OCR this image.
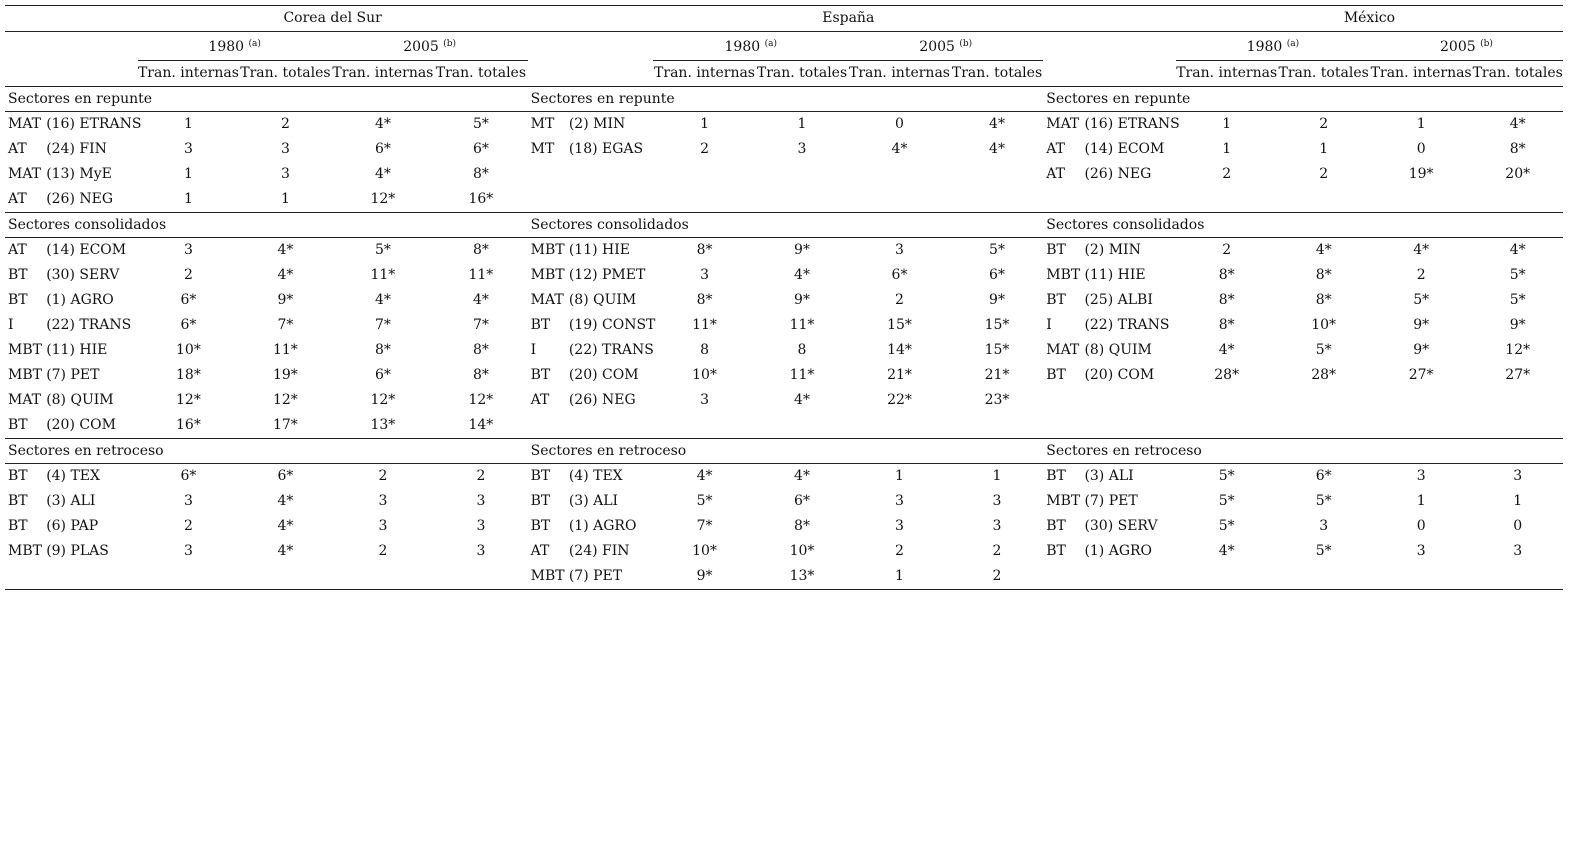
		Corea del Sur						España						México			
		1980 $^{(a)}$		2005 $^{(b)}$				1980 $^{(a)}$		2005 $^{(b)}$				1980 $^{(a)}$		2005 $^{(b)}$
		Tran. internas	Tran. totales	Tran. internas	Tran. totales			Tran. internas	Tran. totales	Tran. internas	Tran. totales			Tran. internas	Tran. totales	Tran. internas	Tran. totales
Sectores en repunte						Sectores en repunte						Sectores en repunte					
MAT	(16) ETRANS	1	2	4*	5*	MT	(2) MIN	1	1	0	4*	MAT	(16) ETRANS	1	2	1	4*
AT	(24) FIN	3	3	6*	6*	MT	(18) EGAS	2	3	4*	4*	AT	(14) ECOM	1	1	0	8*
MAT	(13) MyE	1	3	4*	8*							AT	(26) NEG	2	2	19*	20*
AT	(26) NEG	1	1	12*	16*												
Sectores consolidados						Sectores consolidados						Sectores consolidados					
AT	(14) ECOM	3	4*	5*	8*	MBT	(11) HIE	8*	9*	3	5*	BT	(2) MIN	2	4*	4*	4*
BT	(30) SERV	2	4*	11*	11*	MBT	(12) PMET	3	4*	6*	6*	MBT	(11) HIE	8*	8*	2	5*
BT	(1) AGRO	6*	9*	4*	4*	MAT	(8) QUIM	8*	9*	2	9*	BT	(25) ALBI	8*	8*	5*	5*
I	(22) TRANS	6*	7*	7*	7*	BT	(19) CONST	11*	11*	15*	15*	I	(22) TRANS	8*	10*	9*	9*
MBT	(11) HIE	10*	11*	8*	8*	I	(22) TRANS	8	8	14*	15*	MAT	(8) QUIM	4*	5*	9*	12*
MBT	(7) PET	18*	19*	6*	8*	BT	(20) COM	10*	11*	21*	21*	BT	(20) COM	28*	28*	27*	27*
MAT	(8) QUIM	12*	12*	12*	12*	AT	(26) NEG	3	4*	22*	23*						
BT	(20) COM	16*	17*	13*	14*												
Sectores en retroceso						Sectores en retroceso						Sectores en retroceso					
BT	(4) TEX	6*	6*	2	2	BT	(4) TEX	4*	4*	1	1	BT	(3) ALI	5*	6*	3	3
BT	(3) ALI	3	4*	3	3	BT	(3) ALI	5*	6*	3	3	MBT	(7) PET	5*	5*	1	1
BT	(6) PAP	2	4*	3	3	BT	(1) AGRO	7*	8*	3	3	BT	(30) SERV	5*	3	0	0
MBT	(9) PLAS	3	4*	2	3	AT	(24) FIN	10*	10*	2	2	BT	(1) AGRO	4*	5*	3	3
						MBT	(7) PET	9*	13*	1	2						
